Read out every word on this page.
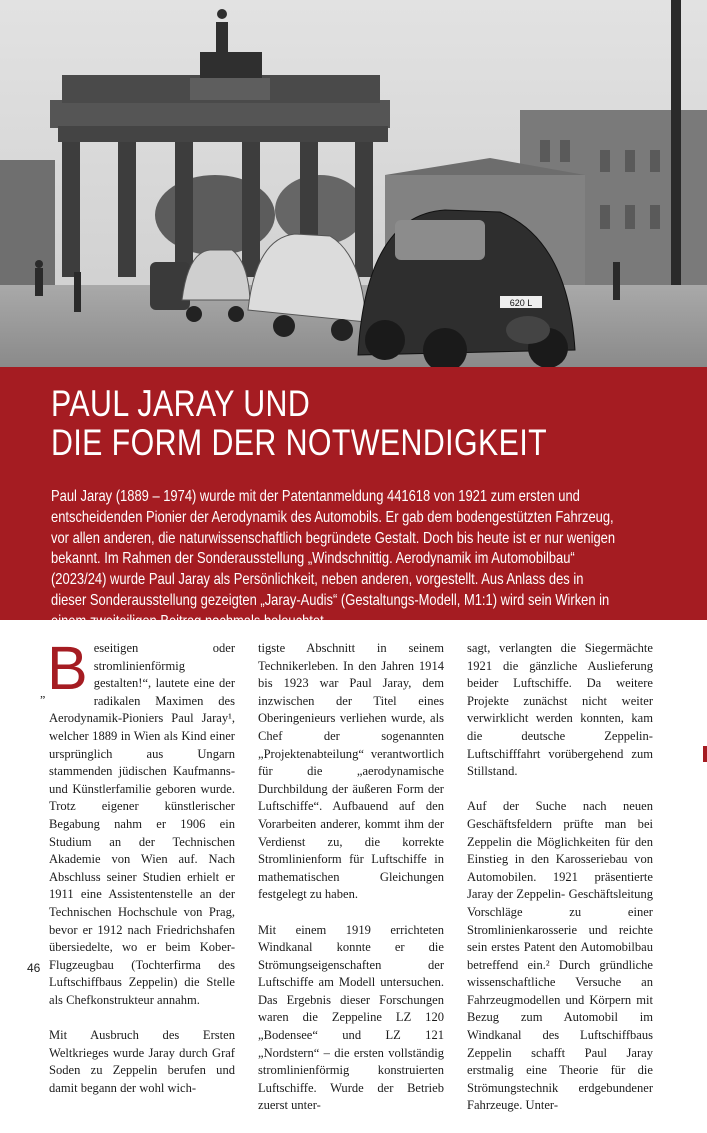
620 L
PAUL JARAY UND
DIE FORM DER NOTWENDIGKEIT

Paul Jaray (1889 – 1974) wurde mit der Patentanmeldung 441618 von 1921 zum ersten und entscheidenden Pionier der Aerodynamik des Automobils. Er gab dem bodengestützten Fahrzeug, vor allen anderen, die naturwissenschaftlich begründete Gestalt. Doch bis heute ist er nur wenigen bekannt. Im Rahmen der Sonderausstellung „Windschnittig. Aerodynamik im Automobilbau“ (2023/24) wurde Paul Jaray als Persönlichkeit, neben anderen, vorgestellt. Aus Anlass des in dieser Sonderausstellung gezeigten „Jaray-Audis“ (Gestaltungs-Modell, M1:1) wird sein Wirken in einem zweiteiligen Beitrag nochmals beleuchtet.

„ Beseitigen oder stromlinienförmig gestalten!“, lautete eine der radikalen Maximen des Aerodynamik-Pioniers Paul Jaray¹, welcher 1889 in Wien als Kind einer ursprünglich aus Ungarn stammenden jüdischen Kaufmanns- und Künstlerfamilie geboren wurde. Trotz eigener künstlerischer Begabung nahm er 1906 ein Studium an der Technischen Akademie von Wien auf. Nach Abschluss seiner Studien erhielt er 1911 eine Assistentenstelle an der Technischen Hochschule von Prag, bevor er 1912 nach Friedrichshafen übersiedelte, wo er beim Kober-Flugzeugbau (Tochterfirma des Luftschiffbaus Zeppelin) die Stelle als Chefkonstrukteur annahm.

Mit Ausbruch des Ersten Weltkrieges wurde Jaray durch Graf Soden zu Zeppelin berufen und damit begann der wohl wich-

tigste Abschnitt in seinem Technikerleben. In den Jahren 1914 bis 1923 war Paul Jaray, dem inzwischen der Titel eines Oberingenieurs verliehen wurde, als Chef der sogenannten „Projektenabteilung“ verantwortlich für die „aerodynamische Durchbildung der äußeren Form der Luftschiffe“. Aufbauend auf den Vorarbeiten anderer, kommt ihm der Verdienst zu, die korrekte Stromlinienform für Luftschiffe in mathematischen Gleichungen festgelegt zu haben.

Mit einem 1919 errichteten Windkanal konnte er die Strömungseigenschaften der Luftschiffe am Modell untersuchen. Das Ergebnis dieser Forschungen waren die Zeppeline LZ 120 „Bodensee“ und LZ 121 „Nordstern“ – die ersten vollständig stromlinienförmig konstruierten Luftschiffe. Wurde der Betrieb zuerst unter-

sagt, verlangten die Siegermächte 1921 die gänzliche Auslieferung beider Luftschiffe. Da weitere Projekte zunächst nicht weiter verwirklicht werden konnten, kam die deutsche Zeppelin-Luftschifffahrt vorübergehend zum Stillstand.

Auf der Suche nach neuen Geschäftsfeldern prüfte man bei Zeppelin die Möglichkeiten für den Einstieg in den Karosseriebau von Automobilen. 1921 präsentierte Jaray der Zeppelin- Geschäftsleitung Vorschläge zu einer Stromlinienkarosserie und reichte sein erstes Patent den Automobilbau betreffend ein.² Durch gründliche wissenschaftliche Versuche an Fahrzeugmodellen und Körpern mit Bezug zum Automobil im Windkanal des Luftschiffbaus Zeppelin schafft Paul Jaray erstmalig eine Theorie für die Strömungstechnik erdgebundener Fahrzeuge. Unter-

46
